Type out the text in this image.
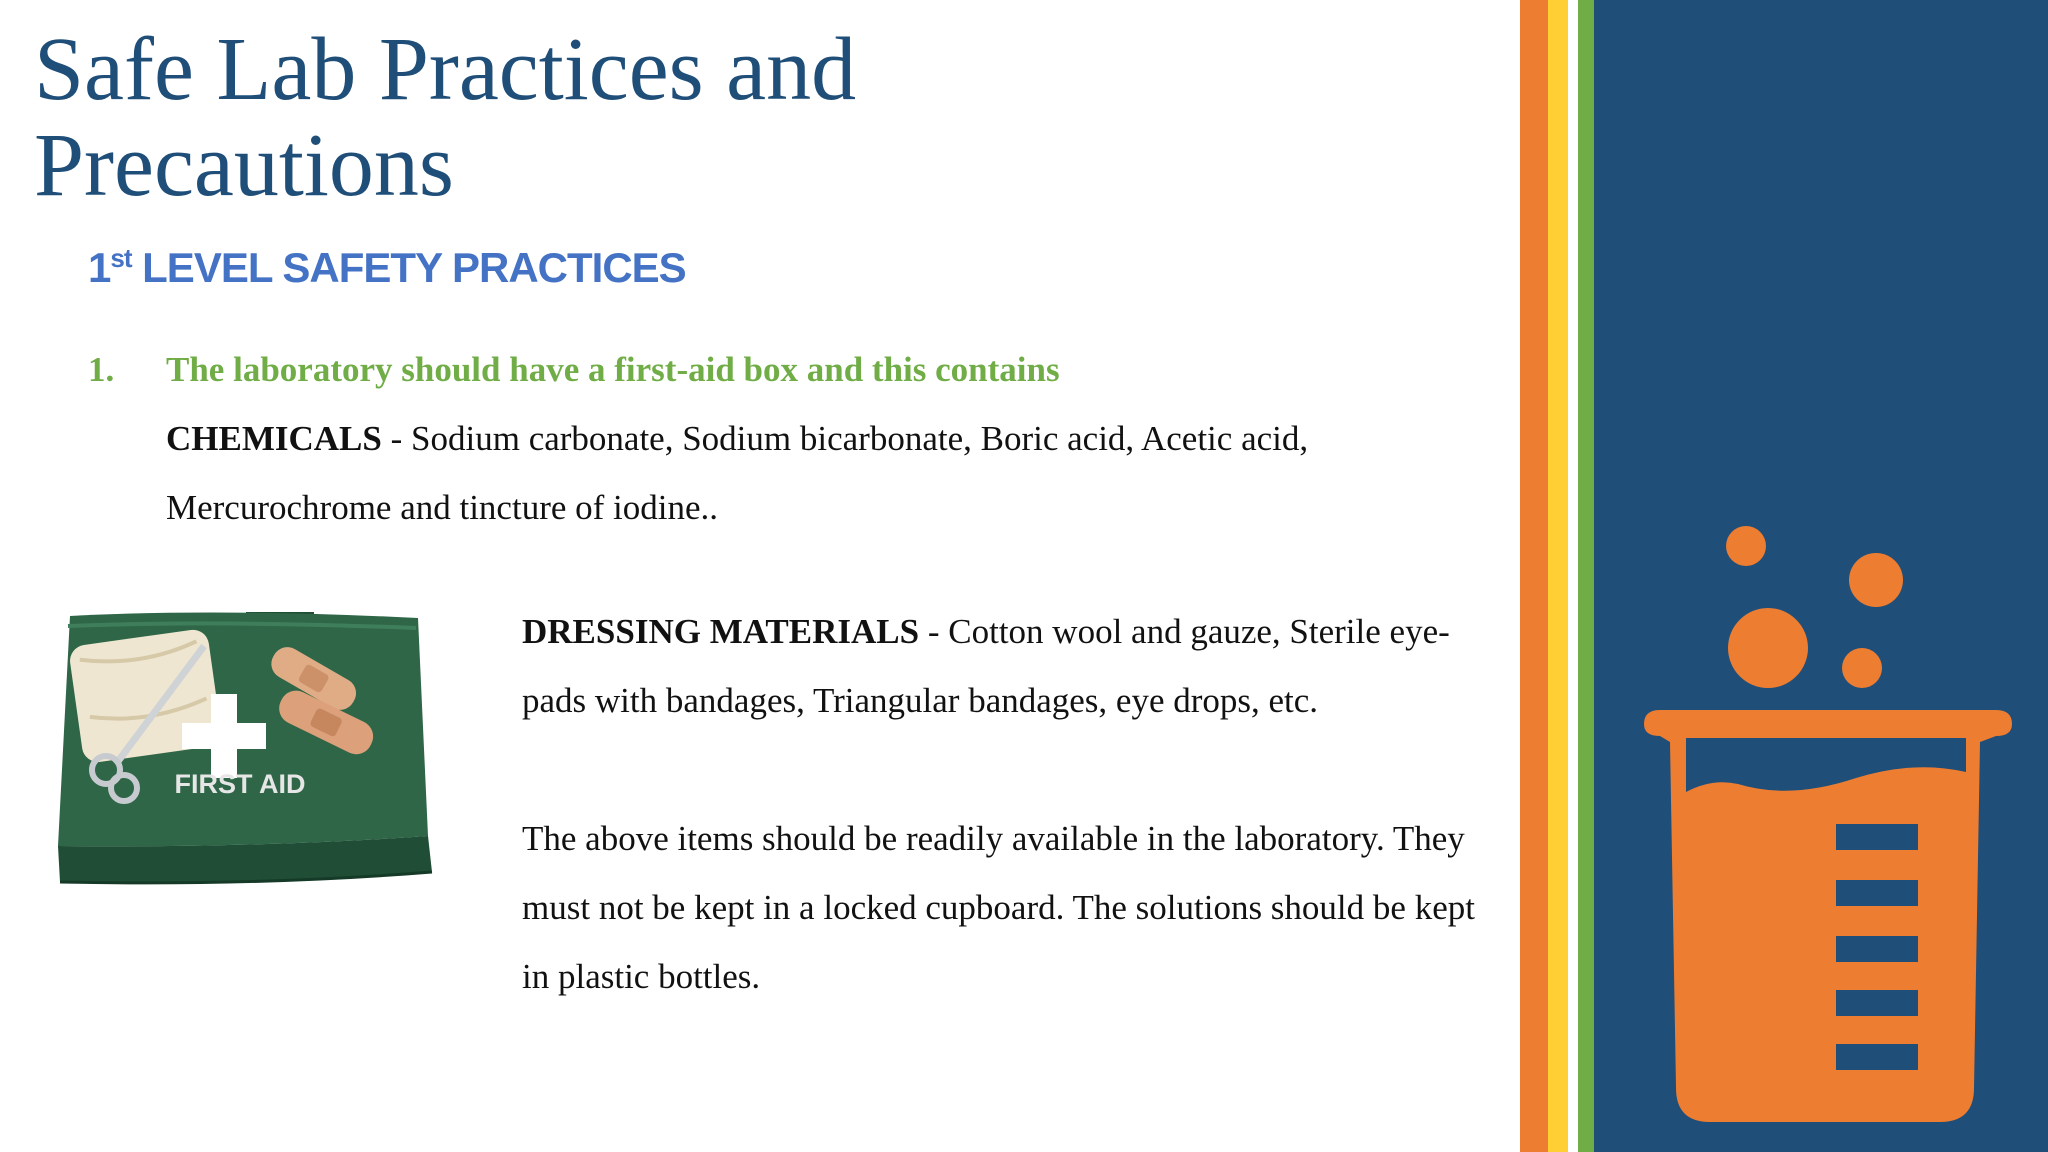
Safe Lab Practices and
Precautions
1st LEVEL SAFETY PRACTICES
1. The laboratory should have a first-aid box and this contains
CHEMICALS - Sodium carbonate, Sodium bicarbonate, Boric acid, Acetic acid, Mercurochrome and tincture of iodine..
DRESSING MATERIALS - Cotton wool and gauze, Sterile eye-pads with bandages, Triangular bandages, eye drops, etc.
The above items should be readily available in the laboratory. They must not be kept in a locked cupboard. The solutions should be kept in plastic bottles.
FIRST AID
